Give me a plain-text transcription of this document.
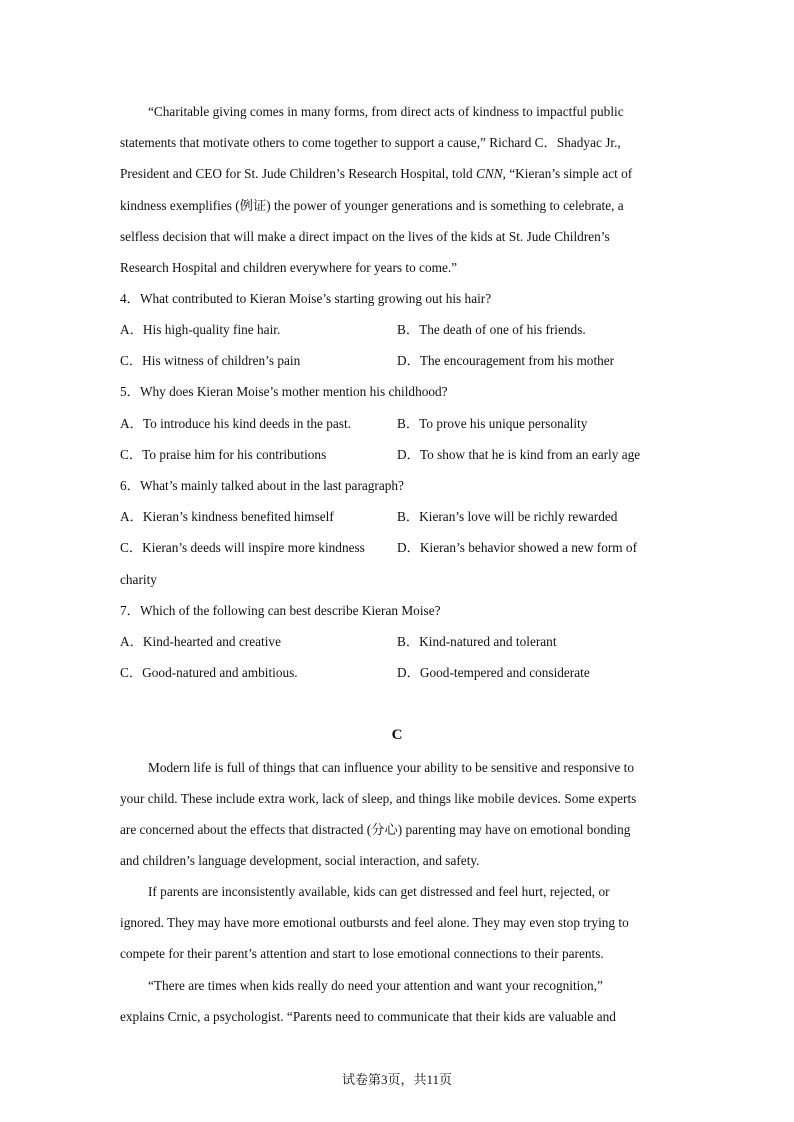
“Charitable giving comes in many forms, from direct acts of kindness to impactful public
statements that motivate others to come together to support a cause,” Richard C．Shadyac Jr.,
President and CEO for St. Jude Children’s Research Hospital, told CNN, “Kieran’s simple act of
kindness exemplifies (例证) the power of younger generations and is something to celebrate, a
selfless decision that will make a direct impact on the lives of the kids at St. Jude Children’s
Research Hospital and children everywhere for years to come.”
4．What contributed to Kieran Moise’s starting growing out his hair?
A．His high-quality fine hair.	B．The death of one of his friends.
C．His witness of children’s pain	D．The encouragement from his mother
5．Why does Kieran Moise’s mother mention his childhood?
A．To introduce his kind deeds in the past.	B．To prove his unique personality
C．To praise him for his contributions	D．To show that he is kind from an early age
6．What’s mainly talked about in the last paragraph?
A．Kieran’s kindness benefited himself	B．Kieran’s love will be richly rewarded
C．Kieran’s deeds will inspire more kindness D．Kieran’s behavior showed a new form of
charity
7．Which of the following can best describe Kieran Moise?
A．Kind-hearted and creative	B．Kind-natured and tolerant
C．Good-natured and ambitious.	D．Good-tempered and considerate
C
Modern life is full of things that can influence your ability to be sensitive and responsive to
your child. These include extra work, lack of sleep, and things like mobile devices. Some experts
are concerned about the effects that distracted (分心) parenting may have on emotional bonding
and children’s language development, social interaction, and safety.
If parents are inconsistently available, kids can get distressed and feel hurt, rejected, or
ignored. They may have more emotional outbursts and feel alone. They may even stop trying to
compete for their parent’s attention and start to lose emotional connections to their parents.
“There are times when kids really do need your attention and want your recognition,”
explains Crnic, a psychologist. “Parents need to communicate that their kids are valuable and
试卷第3页，共11页
